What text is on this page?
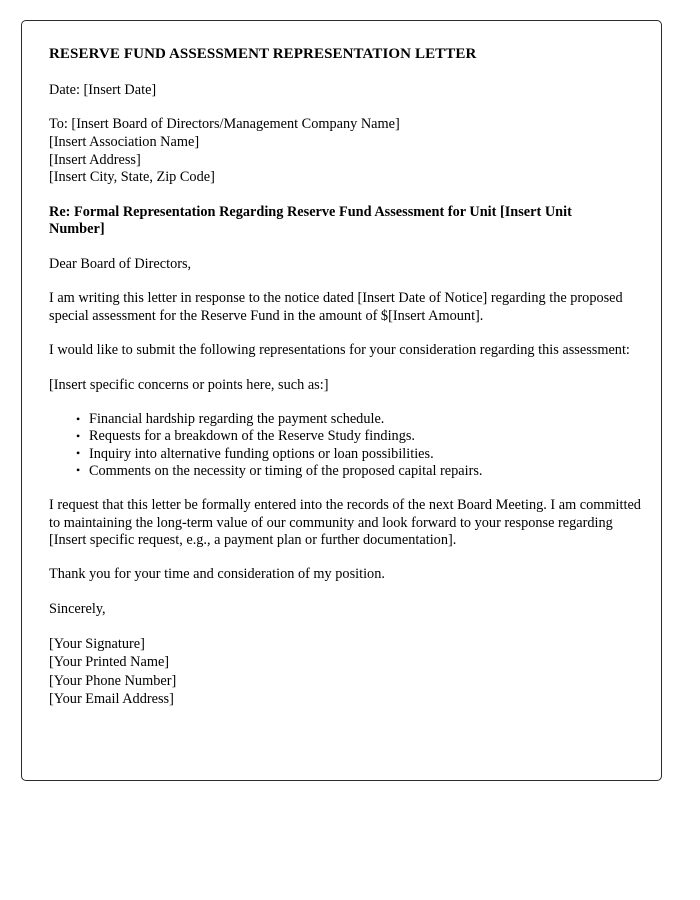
RESERVE FUND ASSESSMENT REPRESENTATION LETTER

Date: [Insert Date]

To: [Insert Board of Directors/Management Company Name]
[Insert Association Name]
[Insert Address]
[Insert City, State, Zip Code]

Re: Formal Representation Regarding Reserve Fund Assessment for Unit [Insert Unit Number]

Dear Board of Directors,

I am writing this letter in response to the notice dated [Insert Date of Notice] regarding the proposed special assessment for the Reserve Fund in the amount of $[Insert Amount].

I would like to submit the following representations for your consideration regarding this assessment:

[Insert specific concerns or points here, such as:]

• Financial hardship regarding the payment schedule.
• Requests for a breakdown of the Reserve Study findings.
• Inquiry into alternative funding options or loan possibilities.
• Comments on the necessity or timing of the proposed capital repairs.

I request that this letter be formally entered into the records of the next Board Meeting. I am committed to maintaining the long-term value of our community and look forward to your response regarding [Insert specific request, e.g., a payment plan or further documentation].

Thank you for your time and consideration of my position.

Sincerely,

[Your Signature]
[Your Printed Name]
[Your Phone Number]
[Your Email Address]
